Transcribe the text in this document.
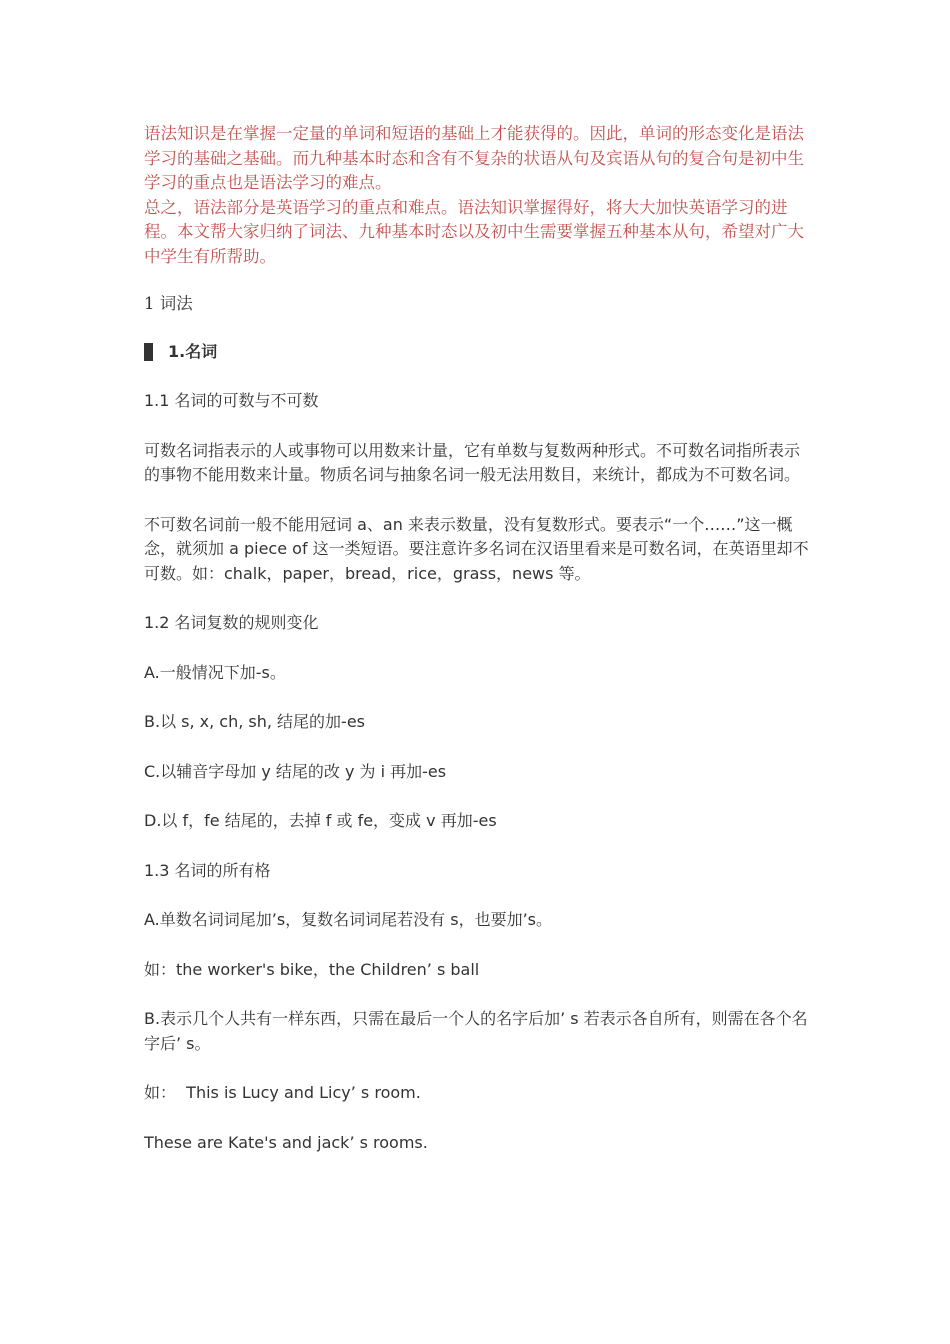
语法知识是在掌握一定量的单词和短语的基础上才能获得的。因此，单词的形态变化是语法学习的基础之基础。而九种基本时态和含有不复杂的状语从句及宾语从句的复合句是初中生学习的重点也是语法学习的难点。

总之，语法部分是英语学习的重点和难点。语法知识掌握得好，将大大加快英语学习的进程。本文帮大家归纳了词法、九种基本时态以及初中生需要掌握五种基本从句，希望对广大中学生有所帮助。

1 词法

1.名词

1.1 名词的可数与不可数

可数名词指表示的人或事物可以用数来计量，它有单数与复数两种形式。不可数名词指所表示的事物不能用数来计量。物质名词与抽象名词一般无法用数目，来统计，都成为不可数名词。

不可数名词前一般不能用冠词 a、an 来表示数量，没有复数形式。要表示“一个……”这一概念，就须加 a piece of 这一类短语。要注意许多名词在汉语里看来是可数名词，在英语里却不可数。如：chalk，paper，bread，rice，grass，news 等。

1.2 名词复数的规则变化

A.一般情况下加-s。

B.以 s, x, ch, sh, 结尾的加-es

C.以辅音字母加 y 结尾的改 y 为 i 再加-es

D.以 f，fe 结尾的，去掉 f 或 fe，变成 v 再加-es

1.3 名词的所有格

A.单数名词词尾加’s，复数名词词尾若没有 s，也要加’s。

如：the worker's bike，the Children’ s ball

B.表示几个人共有一样东西，只需在最后一个人的名字后加’ s 若表示各自所有，则需在各个名字后’ s。

如：  This is Lucy and Licy’ s room.

These are Kate's and jack’ s rooms.
